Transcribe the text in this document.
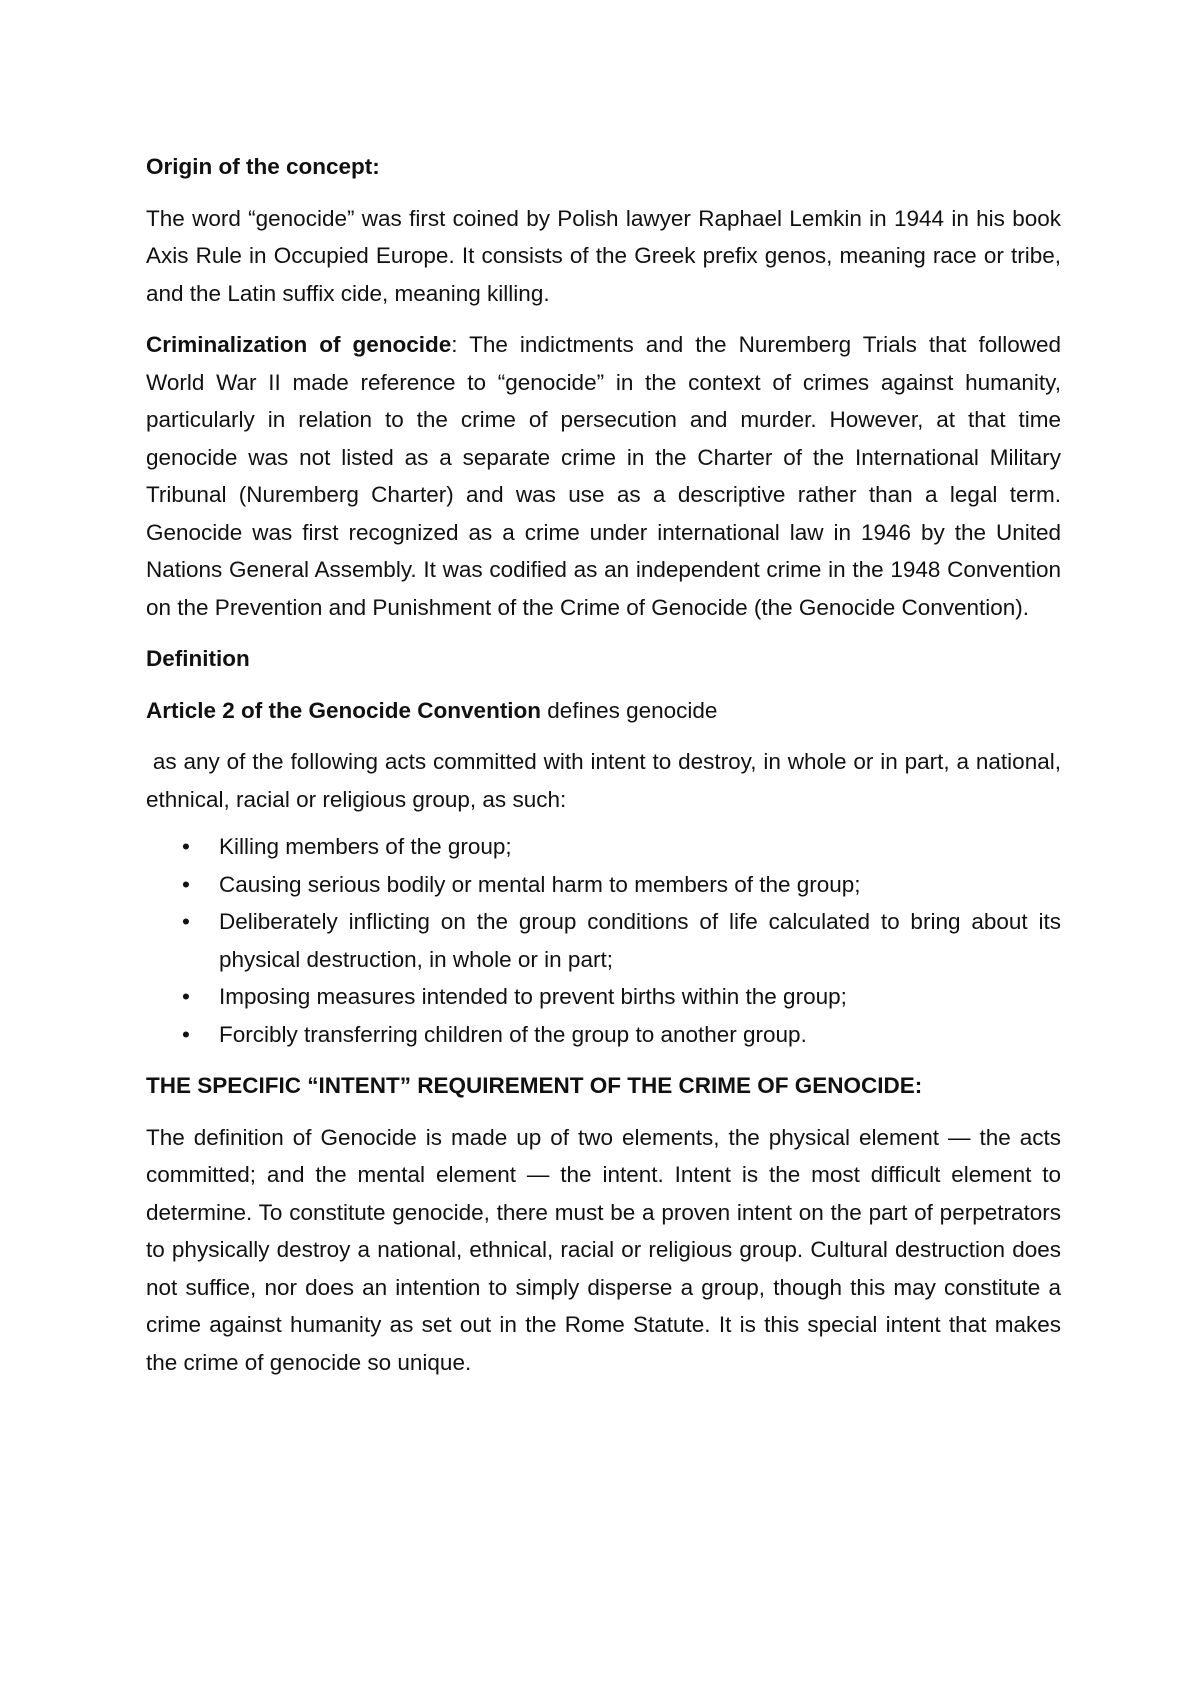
Origin of the concept:

The word “genocide” was first coined by Polish lawyer Raphael Lemkin in 1944 in his book Axis Rule in Occupied Europe. It consists of the Greek prefix genos, meaning race or tribe, and the Latin suffix cide, meaning killing.

Criminalization of genocide: The indictments and the Nuremberg Trials that followed World War II made reference to “genocide” in the context of crimes against humanity, particularly in relation to the crime of persecution and murder. However, at that time genocide was not listed as a separate crime in the Charter of the International Military Tribunal (Nuremberg Charter) and was use as a descriptive rather than a legal term. Genocide was first recognized as a crime under international law in 1946 by the United Nations General Assembly. It was codified as an independent crime in the 1948 Convention on the Prevention and Punishment of the Crime of Genocide (the Genocide Convention).

Definition

Article 2 of the Genocide Convention defines genocide

as any of the following acts committed with intent to destroy, in whole or in part, a national, ethnical, racial or religious group, as such:

• Killing members of the group;
• Causing serious bodily or mental harm to members of the group;
• Deliberately inflicting on the group conditions of life calculated to bring about its physical destruction, in whole or in part;
• Imposing measures intended to prevent births within the group;
• Forcibly transferring children of the group to another group.

THE SPECIFIC “INTENT” REQUIREMENT OF THE CRIME OF GENOCIDE:

The definition of Genocide is made up of two elements, the physical element — the acts committed; and the mental element — the intent. Intent is the most difficult element to determine. To constitute genocide, there must be a proven intent on the part of perpetrators to physically destroy a national, ethnical, racial or religious group. Cultural destruction does not suffice, nor does an intention to simply disperse a group, though this may constitute a crime against humanity as set out in the Rome Statute. It is this special intent that makes the crime of genocide so unique.
